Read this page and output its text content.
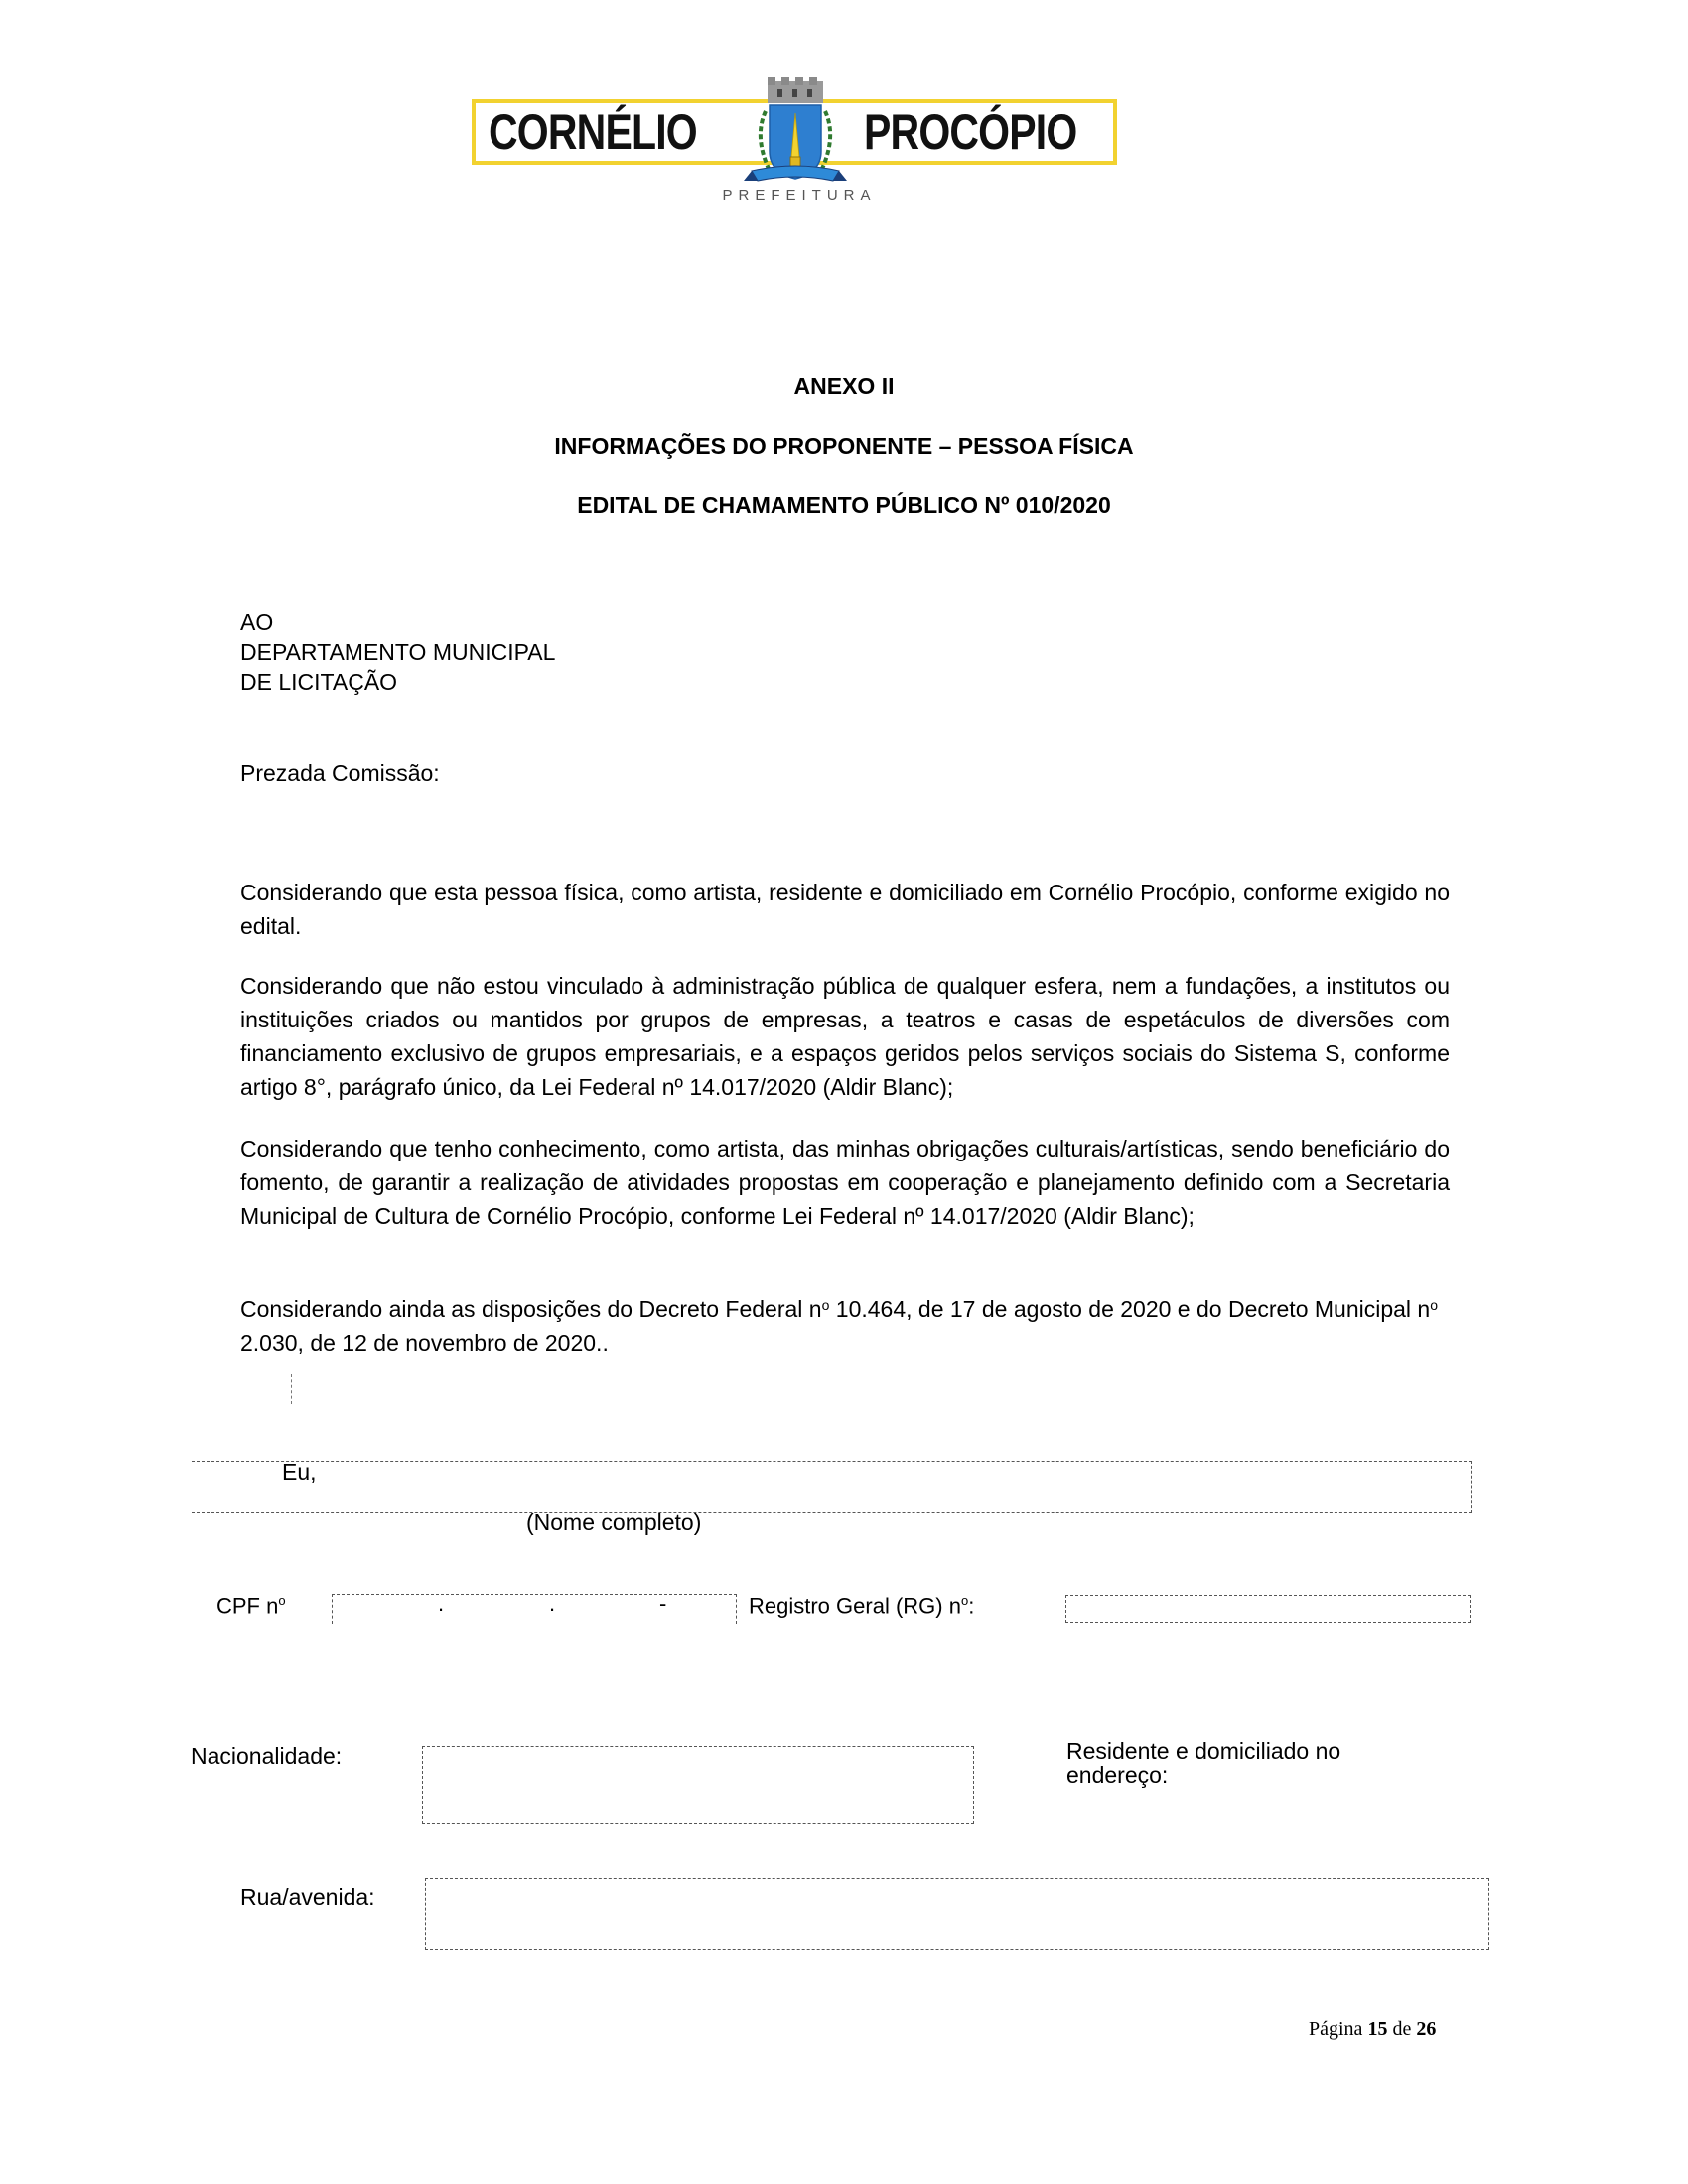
CORNÉLIO	PROCÓPIO
PREFEITURA
ANEXO II
INFORMAÇÕES DO PROPONENTE – PESSOA FÍSICA
EDITAL DE CHAMAMENTO PÚBLICO Nº 010/2020
AO
DEPARTAMENTO MUNICIPAL
DE LICITAÇÃO
Prezada Comissão:
Considerando que esta pessoa física, como artista, residente e domiciliado em Cornélio Procópio, conforme exigido no edital.
Considerando que não estou vinculado à administração pública de qualquer esfera, nem a fundações, a institutos ou instituições criados ou mantidos por grupos de empresas, a teatros e casas de espetáculos de diversões com financiamento exclusivo de grupos empresariais, e a espaços geridos pelos serviços sociais do Sistema S, conforme artigo 8°, parágrafo único, da Lei Federal nº 14.017/2020 (Aldir Blanc);
Considerando que tenho conhecimento, como artista, das minhas obrigações culturais/artísticas, sendo beneficiário do fomento, de garantir a realização de atividades propostas em cooperação e planejamento definido com a Secretaria Municipal de Cultura de Cornélio Procópio, conforme Lei Federal nº 14.017/2020 (Aldir Blanc);
Considerando ainda as disposições do Decreto Federal $n^o$ 10.464, de 17 de agosto de 2020 e do Decreto Municipal $n^o$ 2.030, de 12 de novembro de 2020..
Eu,
(Nome completo)
CPF $n^o$	.	.	-	Registro Geral (RG) $n^o$:
Nacionalidade:	Residente e domiciliado no
endereço:
Rua/avenida:
Página 15 de 26
